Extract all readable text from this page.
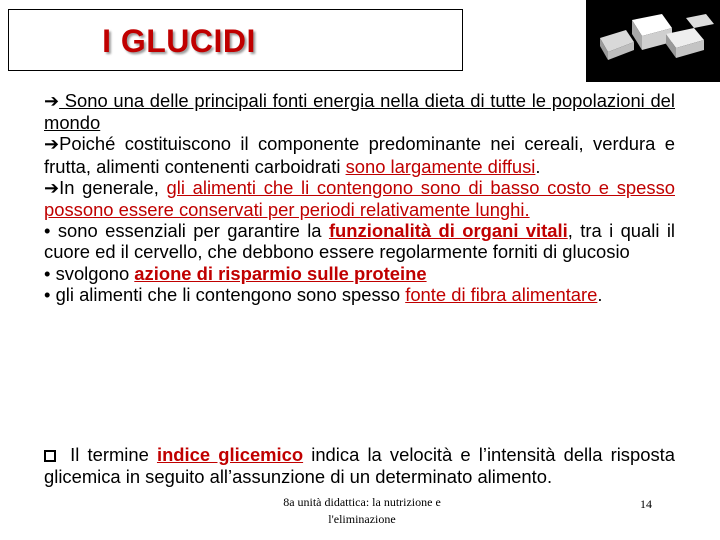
I GLUCIDI

➔ Sono una delle principali fonti energia nella dieta di tutte le popolazioni del mondo

➔Poiché costituiscono il componente predominante nei cereali, verdura e frutta, alimenti contenenti carboidrati sono largamente diffusi.

➔In generale, gli alimenti che li contengono sono di basso costo e spesso possono essere conservati per periodi relativamente lunghi.

• sono essenziali per garantire la funzionalità di organi vitali, tra i quali il cuore ed il cervello, che debbono essere regolarmente forniti di glucosio

• svolgono azione di risparmio sulle proteine

• gli alimenti che li contengono sono spesso fonte di fibra alimentare.

Il termine indice glicemico indica la velocità e l’intensità della risposta glicemica in seguito all’assunzione di un determinato alimento.

8a unità didattica: la nutrizione e
l'eliminazione
14
